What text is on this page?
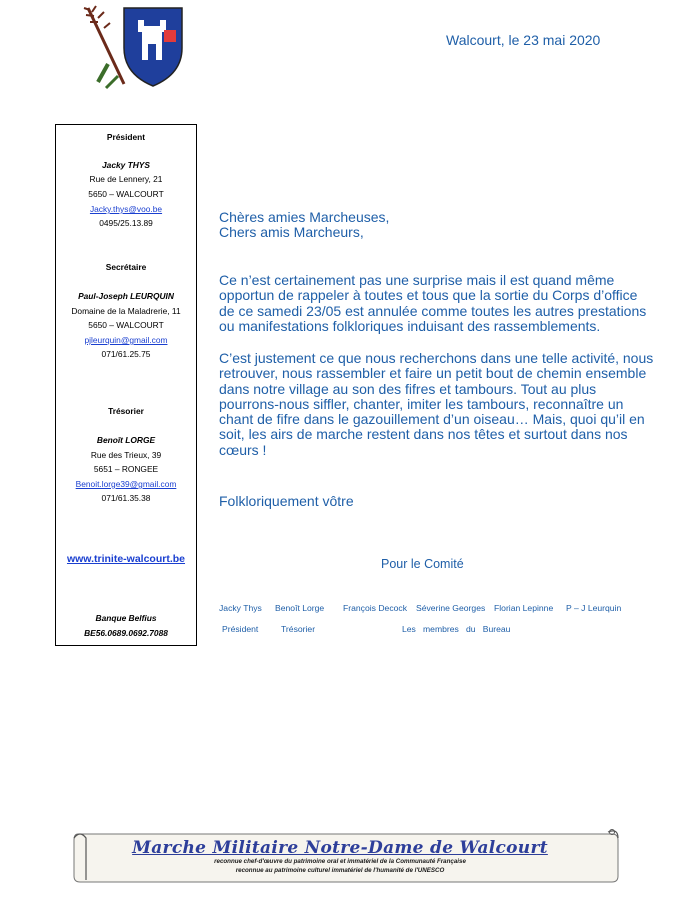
Walcourt, le 23 mai 2020
Président
Jacky THYS
Rue de Lennery, 21
5650 – WALCOURT
Jacky.thys@voo.be
0495/25.13.89
Secrétaire
Paul-Joseph LEURQUIN
Domaine de la Maladrerie, 11
5650 – WALCOURT
pjleurquin@gmail.com
071/61.25.75
Trésorier
Benoît LORGE
Rue des Trieux, 39
5651 – RONGEE
Benoit.lorge39@gmail.com
071/61.35.38
www.trinite-walcourt.be
Banque Belfius
BE56.0689.0692.7088

Chères amies Marcheuses,

Chers amis Marcheurs,

Ce n’est certainement pas une surprise mais il est quand même

opportun de rappeler à toutes et tous que la sortie du Corps d’office

de ce samedi 23/05 est annulée comme toutes les autres prestations

ou manifestations folkloriques induisant des rassemblements.

C’est justement ce que nous recherchons dans une telle activité, nous

retrouver, nous rassembler et faire un petit bout de chemin ensemble

dans notre village au son des fifres et tambours. Tout au plus

pourrons-nous siffler, chanter, imiter les tambours, reconnaître un

chant de fifre dans le gazouillement d’un oiseau… Mais, quoi qu’il en

soit, les airs de marche restent dans nos têtes et surtout dans nos

cœurs !

Folkloriquement vôtre
Pour le Comité
Jacky Thys Benoît Lorge François Decock Séverine Georges Florian Lepinne P – J Leurquin
Président	Trésorier	Les   membres   du   Bureau
Marche Militaire Notre-Dame de Walcourt
reconnue chef-d'œuvre du patrimoine oral et immatériel de la Communauté Française
reconnue au patrimoine culturel immatériel de l'humanité de l'UNESCO
